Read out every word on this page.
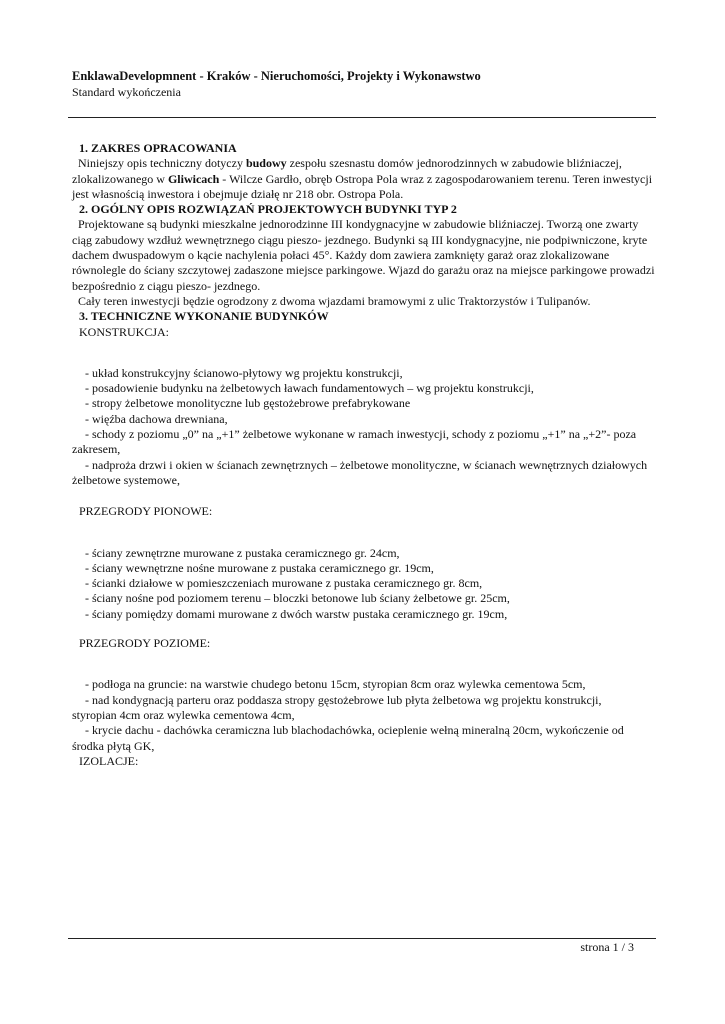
EnklawaDevelopmnent - Kraków - Nieruchomości, Projekty i Wykonawstwo
Standard wykończenia
1. ZAKRES OPRACOWANIA

Niniejszy opis techniczny dotyczy budowy zespołu szesnastu domów jednorodzinnych w zabudowie bliźniaczej, zlokalizowanego w Gliwicach - Wilcze Gardło, obręb Ostropa Pola wraz z zagospodarowaniem terenu. Teren inwestycji jest własnością inwestora i obejmuje działę nr 218 obr. Ostropa Pola.

2. OGÓLNY OPIS ROZWIĄZAŃ PROJEKTOWYCH BUDYNKI TYP 2

Projektowane są budynki mieszkalne jednorodzinne III kondygnacyjne w zabudowie bliźniaczej. Tworzą one zwarty ciąg zabudowy wzdłuż wewnętrznego ciągu pieszo- jezdnego. Budynki są III kondygnacyjne, nie podpiwniczone, kryte dachem dwuspadowym o kącie nachylenia połaci 45°. Każdy dom zawiera zamknięty garaż oraz zlokalizowane równolegle do ściany szczytowej zadaszone miejsce parkingowe. Wjazd do garażu oraz na miejsce parkingowe prowadzi bezpośrednio z ciągu pieszo- jezdnego.

Cały teren inwestycji będzie ogrodzony z dwoma wjazdami bramowymi z ulic Traktorzystów i Tulipanów.

3. TECHNICZNE WYKONANIE BUDYNKÓW

KONSTRUKCJA:

- układ konstrukcyjny ścianowo-płytowy wg projektu konstrukcji,

- posadowienie budynku na żelbetowych ławach fundamentowych – wg projektu konstrukcji,

- stropy żelbetowe monolityczne lub gęstożebrowe prefabrykowane

- więźba dachowa drewniana,

- schody z poziomu „0” na „+1” żelbetowe wykonane w ramach inwestycji, schody z poziomu „+1” na „+2”- poza

zakresem,

- nadproża drzwi i okien w ścianach zewnętrznych – żelbetowe monolityczne, w ścianach wewnętrznych działowych

żelbetowe systemowe,

PRZEGRODY PIONOWE:

- ściany zewnętrzne murowane z pustaka ceramicznego gr. 24cm,

- ściany wewnętrzne nośne murowane z pustaka ceramicznego gr. 19cm,

- ścianki działowe w pomieszczeniach murowane z pustaka ceramicznego gr. 8cm,

- ściany nośne pod poziomem terenu – bloczki betonowe lub ściany żelbetowe gr. 25cm,

- ściany pomiędzy domami murowane z dwóch warstw pustaka ceramicznego gr. 19cm,

PRZEGRODY POZIOME:

- podłoga na gruncie: na warstwie chudego betonu 15cm, styropian 8cm oraz wylewka cementowa 5cm,

- nad kondygnacją parteru oraz poddasza stropy gęstożebrowe lub płyta żelbetowa wg projektu konstrukcji,

styropian 4cm oraz wylewka cementowa 4cm,

- krycie dachu - dachówka ceramiczna lub blachodachówka, ocieplenie wełną mineralną 20cm, wykończenie od

środka płytą GK,

IZOLACJE:

strona 1 / 3
